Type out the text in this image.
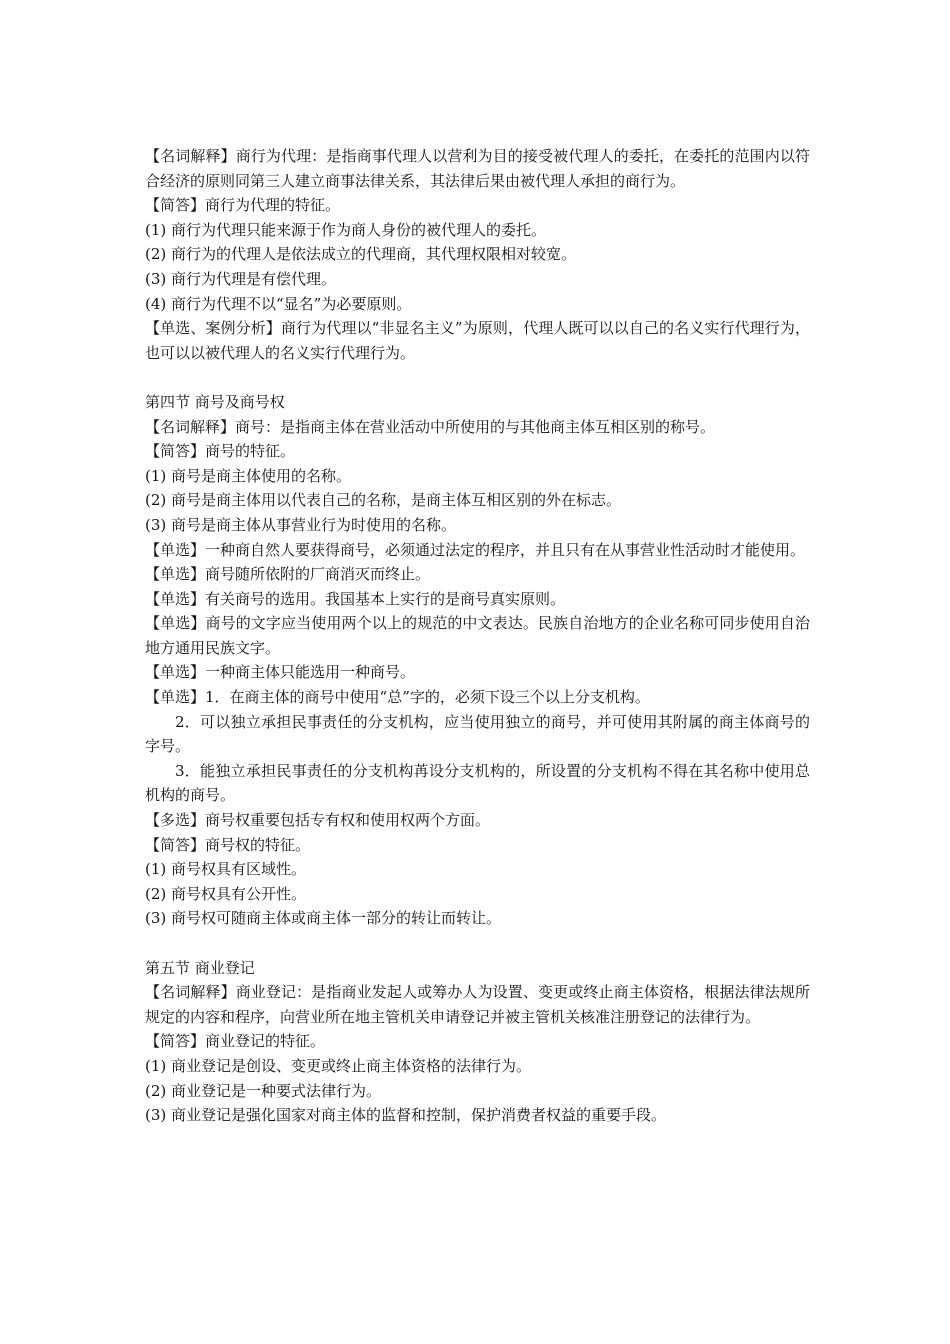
【名词解释】商行为代理：是指商事代理人以营利为目的接受被代理人的委托，在委托的范围内以符合经济的原则同第三人建立商事法律关系，其法律后果由被代理人承担的商行为。

【简答】商行为代理的特征。

(1) 商行为代理只能来源于作为商人身份的被代理人的委托。

(2) 商行为的代理人是依法成立的代理商，其代理权限相对较宽。

(3) 商行为代理是有偿代理。

(4) 商行为代理不以“显名”为必要原则。

【单选、案例分析】商行为代理以“非显名主义”为原则，代理人既可以以自己的名义实行代理行为，也可以以被代理人的名义实行代理行为。

第四节 商号及商号权

【名词解释】商号：是指商主体在营业活动中所使用的与其他商主体互相区别的称号。

【简答】商号的特征。

(1) 商号是商主体使用的名称。

(2) 商号是商主体用以代表自己的名称，是商主体互相区别的外在标志。

(3) 商号是商主体从事营业行为时使用的名称。

【单选】一种商自然人要获得商号，必须通过法定的程序，并且只有在从事营业性活动时才能使用。

【单选】商号随所依附的厂商消灭而终止。

【单选】有关商号的选用。我国基本上实行的是商号真实原则。

【单选】商号的文字应当使用两个以上的规范的中文表达。民族自治地方的企业名称可同步使用自治地方通用民族文字。

【单选】一种商主体只能选用一种商号。

【单选】1．在商主体的商号中使用“总”字的，必须下设三个以上分支机构。

2．可以独立承担民事责任的分支机构，应当使用独立的商号，并可使用其附属的商主体商号的字号。

3．能独立承担民事责任的分支机构苒设分支机构的，所设置的分支机构不得在其名称中使用总机构的商号。

【多选】商号权重要包括专有权和使用权两个方面。

【简答】商号权的特征。

(1) 商号权具有区域性。

(2) 商号权具有公开性。

(3) 商号权可随商主体或商主体一部分的转让而转让。

第五节 商业登记

【名词解释】商业登记：是指商业发起人或筹办人为设置、变更或终止商主体资格，根据法律法规所规定的内容和程序，向营业所在地主管机关申请登记并被主管机关核准注册登记的法律行为。

【简答】商业登记的特征。

(1) 商业登记是创设、变更或终止商主体资格的法律行为。

(2) 商业登记是一种要式法律行为。

(3) 商业登记是强化国家对商主体的监督和控制，保护消费者权益的重要手段。
